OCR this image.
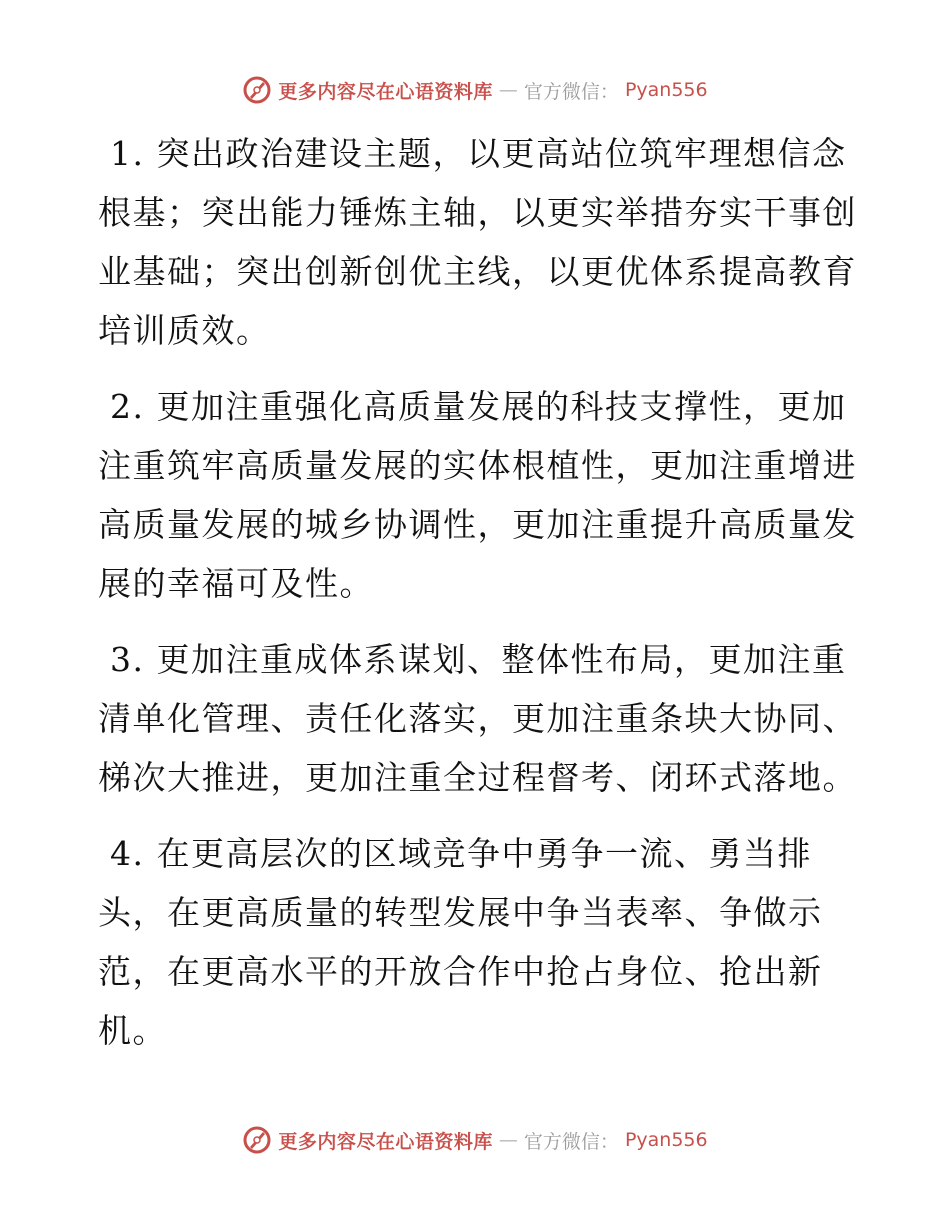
更多内容尽在心语资料库 — 官方微信： Pyan556

1. 突出政治建设主题，以更高站位筑牢理想信念根基；突出能力锤炼主轴，以更实举措夯实干事创业基础；突出创新创优主线，以更优体系提高教育培训质效。

2. 更加注重强化高质量发展的科技支撑性，更加注重筑牢高质量发展的实体根植性，更加注重增进高质量发展的城乡协调性，更加注重提升高质量发展的幸福可及性。

3. 更加注重成体系谋划、整体性布局，更加注重清单化管理、责任化落实，更加注重条块大协同、梯次大推进，更加注重全过程督考、闭环式落地。

4. 在更高层次的区域竞争中勇争一流、勇当排头，在更高质量的转型发展中争当表率、争做示范，在更高水平的开放合作中抢占身位、抢出新机。

更多内容尽在心语资料库 — 官方微信： Pyan556
